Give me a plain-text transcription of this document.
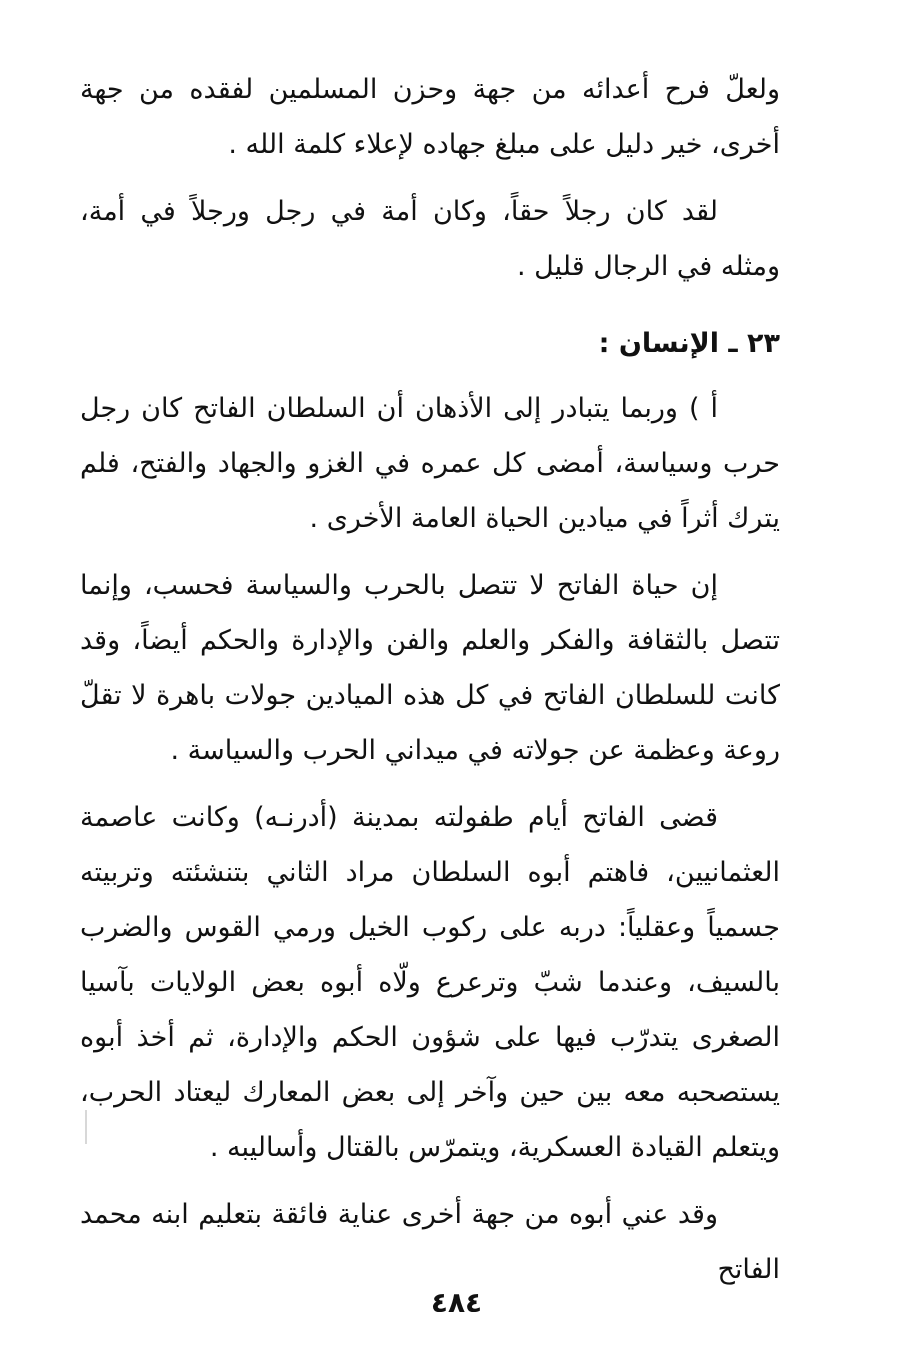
ولعلّ فرح أعدائه من جهة وحزن المسلمين لفقده من جهة أخرى، خير دليل على مبلغ جهاده لإعلاء كلمة الله .

لقد كان رجلاً حقاً، وكان أمة في رجل ورجلاً في أمة، ومثله في الرجال قليل .

٢٣ ـ الإنسان :

أ ) وربما يتبادر إلى الأذهان أن السلطان الفاتح كان رجل حرب وسياسة، أمضى كل عمره في الغزو والجهاد والفتح، فلم يترك أثراً في ميادين الحياة العامة الأخرى .

إن حياة الفاتح لا تتصل بالحرب والسياسة فحسب، وإنما تتصل بالثقافة والفكر والعلم والفن والإدارة والحكم أيضاً، وقد كانت للسلطان الفاتح في كل هذه الميادين جولات باهرة لا تقلّ روعة وعظمة عن جولاته في ميداني الحرب والسياسة .

قضى الفاتح أيام طفولته بمدينة (أدرنـه) وكانت عاصمة العثمانيين، فاهتم أبوه السلطان مراد الثاني بتنشئته وتربيته جسمياً وعقلياً: دربه على ركوب الخيل ورمي القوس والضرب بالسيف، وعندما شبّ وترعرع ولّاه أبوه بعض الولايات بآسيا الصغرى يتدرّب فيها على شؤون الحكم والإدارة، ثم أخذ أبوه يستصحبه معه بين حين وآخر إلى بعض المعارك ليعتاد الحرب، ويتعلم القيادة العسكرية، ويتمرّس بالقتال وأساليبه .

وقد عني أبوه من جهة أخرى عناية فائقة بتعليم ابنه محمد الفاتح

٤٨٤
